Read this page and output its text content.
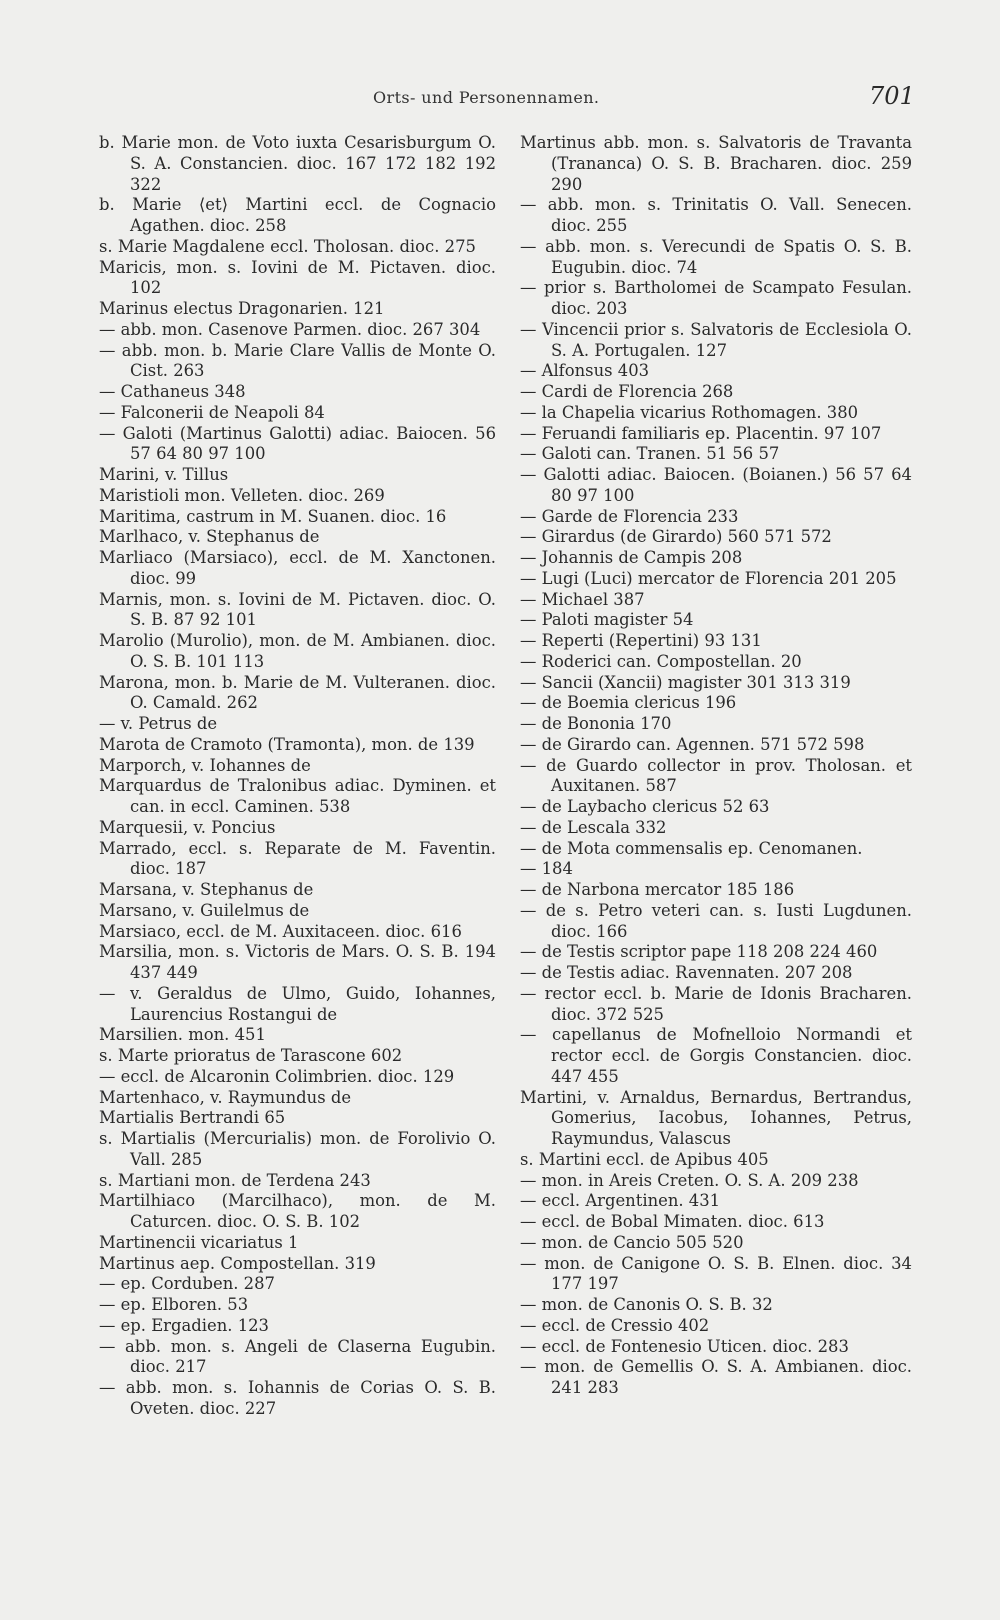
Orts- und Personennamen.	701

b. Marie mon. de Voto iuxta Cesarisburgum O. S. A. Constancien. dioc. 167 172 182 192 322

b. Marie ⟨et⟩ Martini eccl. de Cognacio Agathen. dioc. 258

s. Marie Magdalene eccl. Tholosan. dioc. 275

Maricis, mon. s. Iovini de M. Pictaven. dioc. 102

Marinus electus Dragonarien. 121

— abb. mon. Casenove Parmen. dioc. 267 304

— abb. mon. b. Marie Clare Vallis de Monte O. Cist. 263

— Cathaneus 348

— Falconerii de Neapoli 84

— Galoti (Martinus Galotti) adiac. Baiocen. 56 57 64 80 97 100

Marini, v. Tillus

Maristioli mon. Velleten. dioc. 269

Maritima, castrum in M. Suanen. dioc. 16

Marlhaco, v. Stephanus de

Marliaco (Marsiaco), eccl. de M. Xanctonen. dioc. 99

Marnis, mon. s. Iovini de M. Pictaven. dioc. O. S. B. 87 92 101

Marolio (Murolio), mon. de M. Ambianen. dioc. O. S. B. 101 113

Marona, mon. b. Marie de M. Vulteranen. dioc. O. Camald. 262

— v. Petrus de

Marota de Cramoto (Tramonta), mon. de 139

Marporch, v. Iohannes de

Marquardus de Tralonibus adiac. Dyminen. et can. in eccl. Caminen. 538

Marquesii, v. Poncius

Marrado, eccl. s. Reparate de M. Faventin. dioc. 187

Marsana, v. Stephanus de

Marsano, v. Guilelmus de

Marsiaco, eccl. de M. Auxitaceen. dioc. 616

Marsilia, mon. s. Victoris de Mars. O. S. B. 194 437 449

— v. Geraldus de Ulmo, Guido, Iohannes, Laurencius Rostangui de

Marsilien. mon. 451

s. Marte prioratus de Tarascone 602

— eccl. de Alcaronin Colimbrien. dioc. 129

Martenhaco, v. Raymundus de

Martialis Bertrandi 65

s. Martialis (Mercurialis) mon. de Forolivio O. Vall. 285

s. Martiani mon. de Terdena 243

Martilhiaco (Marcilhaco), mon. de M. Caturcen. dioc. O. S. B. 102

Martinencii vicariatus 1

Martinus aep. Compostellan. 319

— ep. Corduben. 287

— ep. Elboren. 53

— ep. Ergadien. 123

— abb. mon. s. Angeli de Claserna Eugubin. dioc. 217

— abb. mon. s. Iohannis de Corias O. S. B. Oveten. dioc. 227

Martinus abb. mon. s. Salvatoris de Travanta (Trananca) O. S. B. Bracharen. dioc. 259 290

— abb. mon. s. Trinitatis O. Vall. Senecen. dioc. 255

— abb. mon. s. Verecundi de Spatis O. S. B. Eugubin. dioc. 74

— prior s. Bartholomei de Scampato Fesulan. dioc. 203

— Vincencii prior s. Salvatoris de Ecclesiola O. S. A. Portugalen. 127

— Alfonsus 403

— Cardi de Florencia 268

— la Chapelia vicarius Rothomagen. 380

— Feruandi familiaris ep. Placentin. 97 107

— Galoti can. Tranen. 51 56 57

— Galotti adiac. Baiocen. (Boianen.) 56 57 64 80 97 100

— Garde de Florencia 233

— Girardus (de Girardo) 560 571 572

— Johannis de Campis 208

— Lugi (Luci) mercator de Florencia 201 205

— Michael 387

— Paloti magister 54

— Reperti (Repertini) 93 131

— Roderici can. Compostellan. 20

— Sancii (Xancii) magister 301 313 319

— de Boemia clericus 196

— de Bononia 170

— de Girardo can. Agennen. 571 572 598

— de Guardo collector in prov. Tholosan. et Auxitanen. 587

— de Laybacho clericus 52 63

— de Lescala 332

— de Mota commensalis ep. Cenomanen.

— 184

— de Narbona mercator 185 186

— de s. Petro veteri can. s. Iusti Lugdunen. dioc. 166

— de Testis scriptor pape 118 208 224 460

— de Testis adiac. Ravennaten. 207 208

— rector eccl. b. Marie de Idonis Bracharen. dioc. 372 525

— capellanus de Mofnelloio Normandi et rector eccl. de Gorgis Constancien. dioc. 447 455

Martini, v. Arnaldus, Bernardus, Bertrandus, Gomerius, Iacobus, Iohannes, Petrus, Raymundus, Valascus

s. Martini eccl. de Apibus 405

— mon. in Areis Creten. O. S. A. 209 238

— eccl. Argentinen. 431

— eccl. de Bobal Mimaten. dioc. 613

— mon. de Cancio 505 520

— mon. de Canigone O. S. B. Elnen. dioc. 34 177 197

— mon. de Canonis O. S. B. 32

— eccl. de Cressio 402

— eccl. de Fontenesio Uticen. dioc. 283

— mon. de Gemellis O. S. A. Ambianen. dioc. 241 283
